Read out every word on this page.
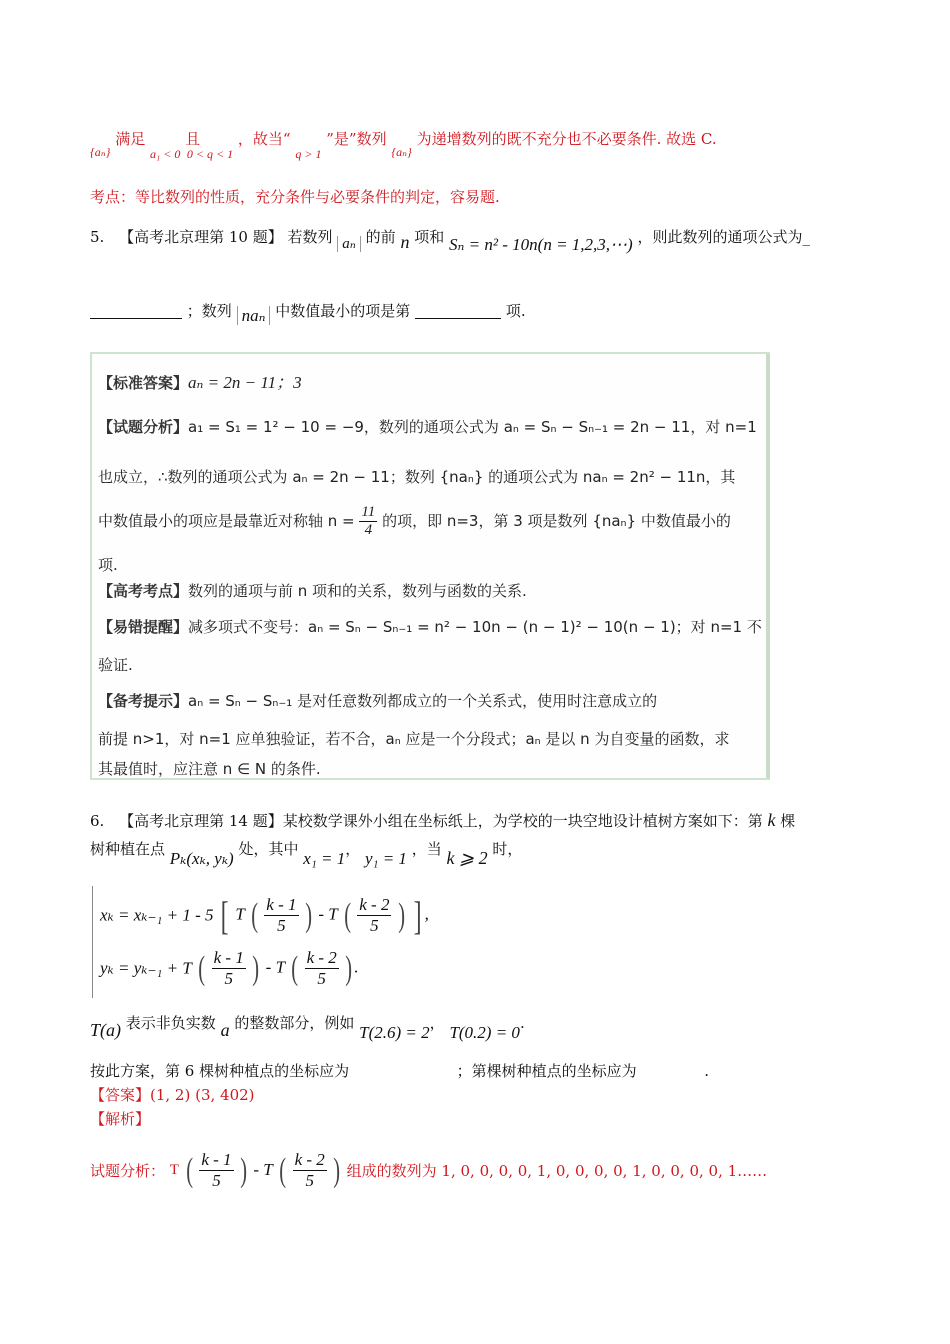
$_{\{a_n\}}$ 满足 $_{a_1 < 0}$ 且 $_{0 < q < 1}$ ，故当“ $_{q > 1}$ ”是”数列 $_{\{a_n\}}$ 为递增数列的既不充分也不必要条件. 故选 C.
考点：等比数列的性质，充分条件与必要条件的判定，容易题.
5. 【高考北京理第 10 题】 若数列 aₙ 的前 n 项和 Sₙ = n² - 10n(n = 1,2,3,⋯) ，则此数列的通项公式为_
；数列 naₙ 中数值最小的项是第	项.
【标准答案】aₙ = 2n − 11；3
【试题分析】a₁ = S₁ = 1² − 10 = −9，数列的通项公式为 aₙ = Sₙ − Sₙ₋₁ = 2n − 11，对 n=1
也成立，∴数列的通项公式为 aₙ = 2n − 11；数列 {naₙ} 的通项公式为 naₙ = 2n² − 11n，其
中数值最小的项应是最靠近对称轴 $n = \frac{11}{4}$ 的项，即 n=3，第 3 项是数列 {naₙ} 中数值最小的
项.
【高考考点】数列的通项与前 n 项和的关系，数列与函数的关系.
【易错提醒】减多项式不变号：aₙ = Sₙ − Sₙ₋₁ = n² − 10n − (n − 1)² − 10(n − 1)；对 n=1 不
验证.
【备考提示】aₙ = Sₙ − Sₙ₋₁ 是对任意数列都成立的一个关系式，使用时注意成立的
前提 n>1，对 n=1 应单独验证，若不合，aₙ 应是一个分段式；aₙ 是以 n 为自变量的函数，求
其最值时，应注意 n ∈ N 的条件.
6. 【高考北京理第 14 题】某校数学课外小组在坐标纸上，为学校的一块空地设计植树方案如下：第 k 棵
树种植在点 Pₖ(xₖ, yₖ) 处，其中 x₁ = 1， y₁ = 1 ，当 k ⩾ 2 时，
xₖ = xₖ₋₁ + 1 - 5 [ T ( $\frac{k - 1}{5}$ ) - T ( $\frac{k - 2}{5}$ ) ] ,
yₖ = yₖ₋₁ + T ( $\frac{k - 1}{5}$ ) - T ( $\frac{k - 2}{5}$ ) .
T(a) 表示非负实数 a 的整数部分，例如 T(2.6) = 2， T(0.2) = 0.
按此方案，第 6 棵树种植点的坐标应为	；第棵树种植点的坐标应为	.
【答案】(1, 2) (3, 402)
【解析】
试题分析： T ( $\frac{k - 1}{5}$ ) - T ( $\frac{k - 2}{5}$ ) 组成的数列为 1, 0, 0, 0, 0, 1, 0, 0, 0, 0, 1, 0, 0, 0, 0, 1……
